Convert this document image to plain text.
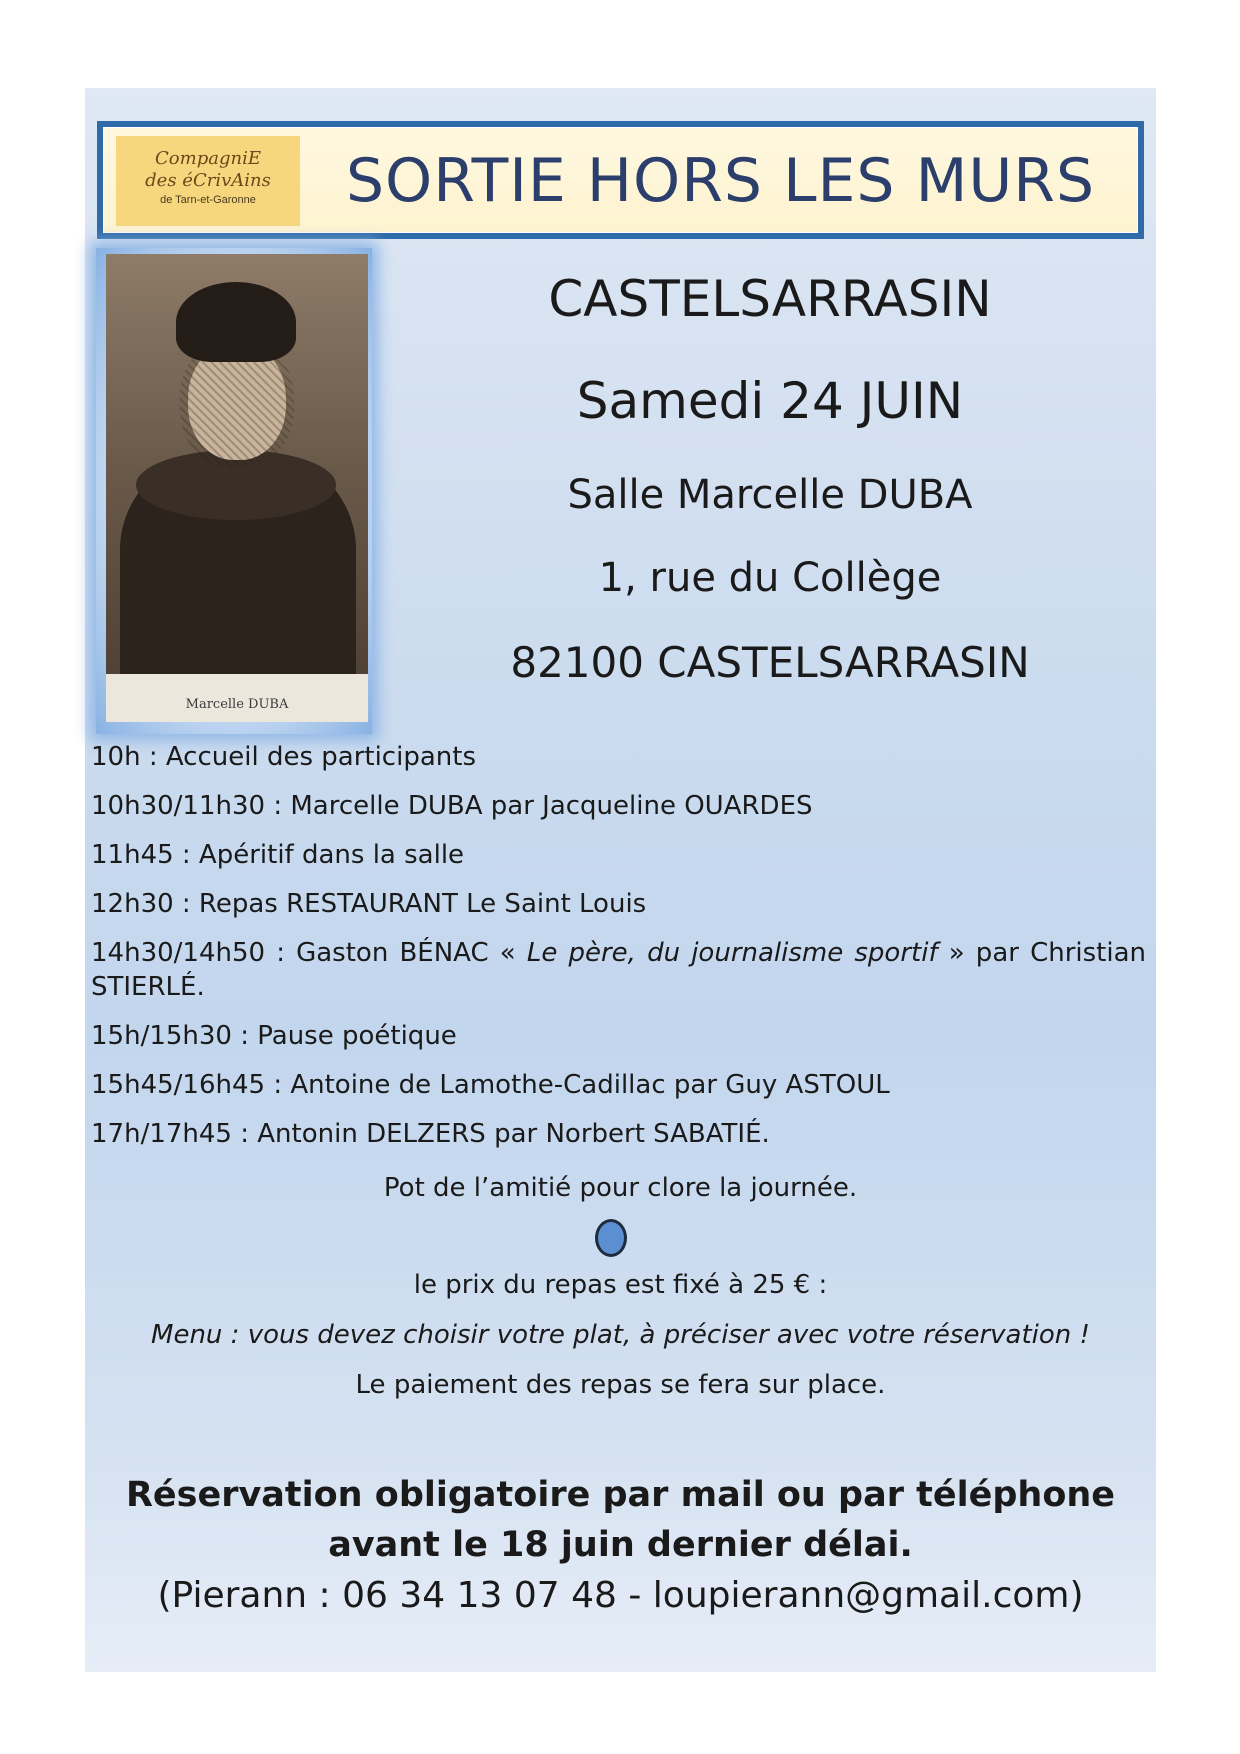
CompagniE
des éCrivAins
de Tarn-et-Garonne	SORTIE HORS LES MURS
Marcelle DUBA
CASTELSARRASIN
Samedi 24 JUIN
Salle Marcelle DUBA
1, rue du Collège
82100 CASTELSARRASIN
10h : Accueil des participants
10h30/11h30 : Marcelle DUBA par Jacqueline OUARDES
11h45 : Apéritif dans la salle
12h30 : Repas RESTAURANT Le Saint Louis
14h30/14h50 : Gaston BÉNAC « Le père, du journalisme sportif » par Christian STIERLÉ.
15h/15h30 : Pause poétique
15h45/16h45 : Antoine de Lamothe-Cadillac par Guy ASTOUL
17h/17h45 : Antonin DELZERS par Norbert SABATIÉ.
Pot de l’amitié pour clore la journée.
le prix du repas est fixé à 25 € :
Menu : vous devez choisir votre plat, à préciser avec votre réservation !
Le paiement des repas se fera sur place.
Réservation obligatoire par mail ou par téléphone
avant le 18 juin dernier délai.
(Pierann : 06 34 13 07 48 - loupierann@gmail.com)
